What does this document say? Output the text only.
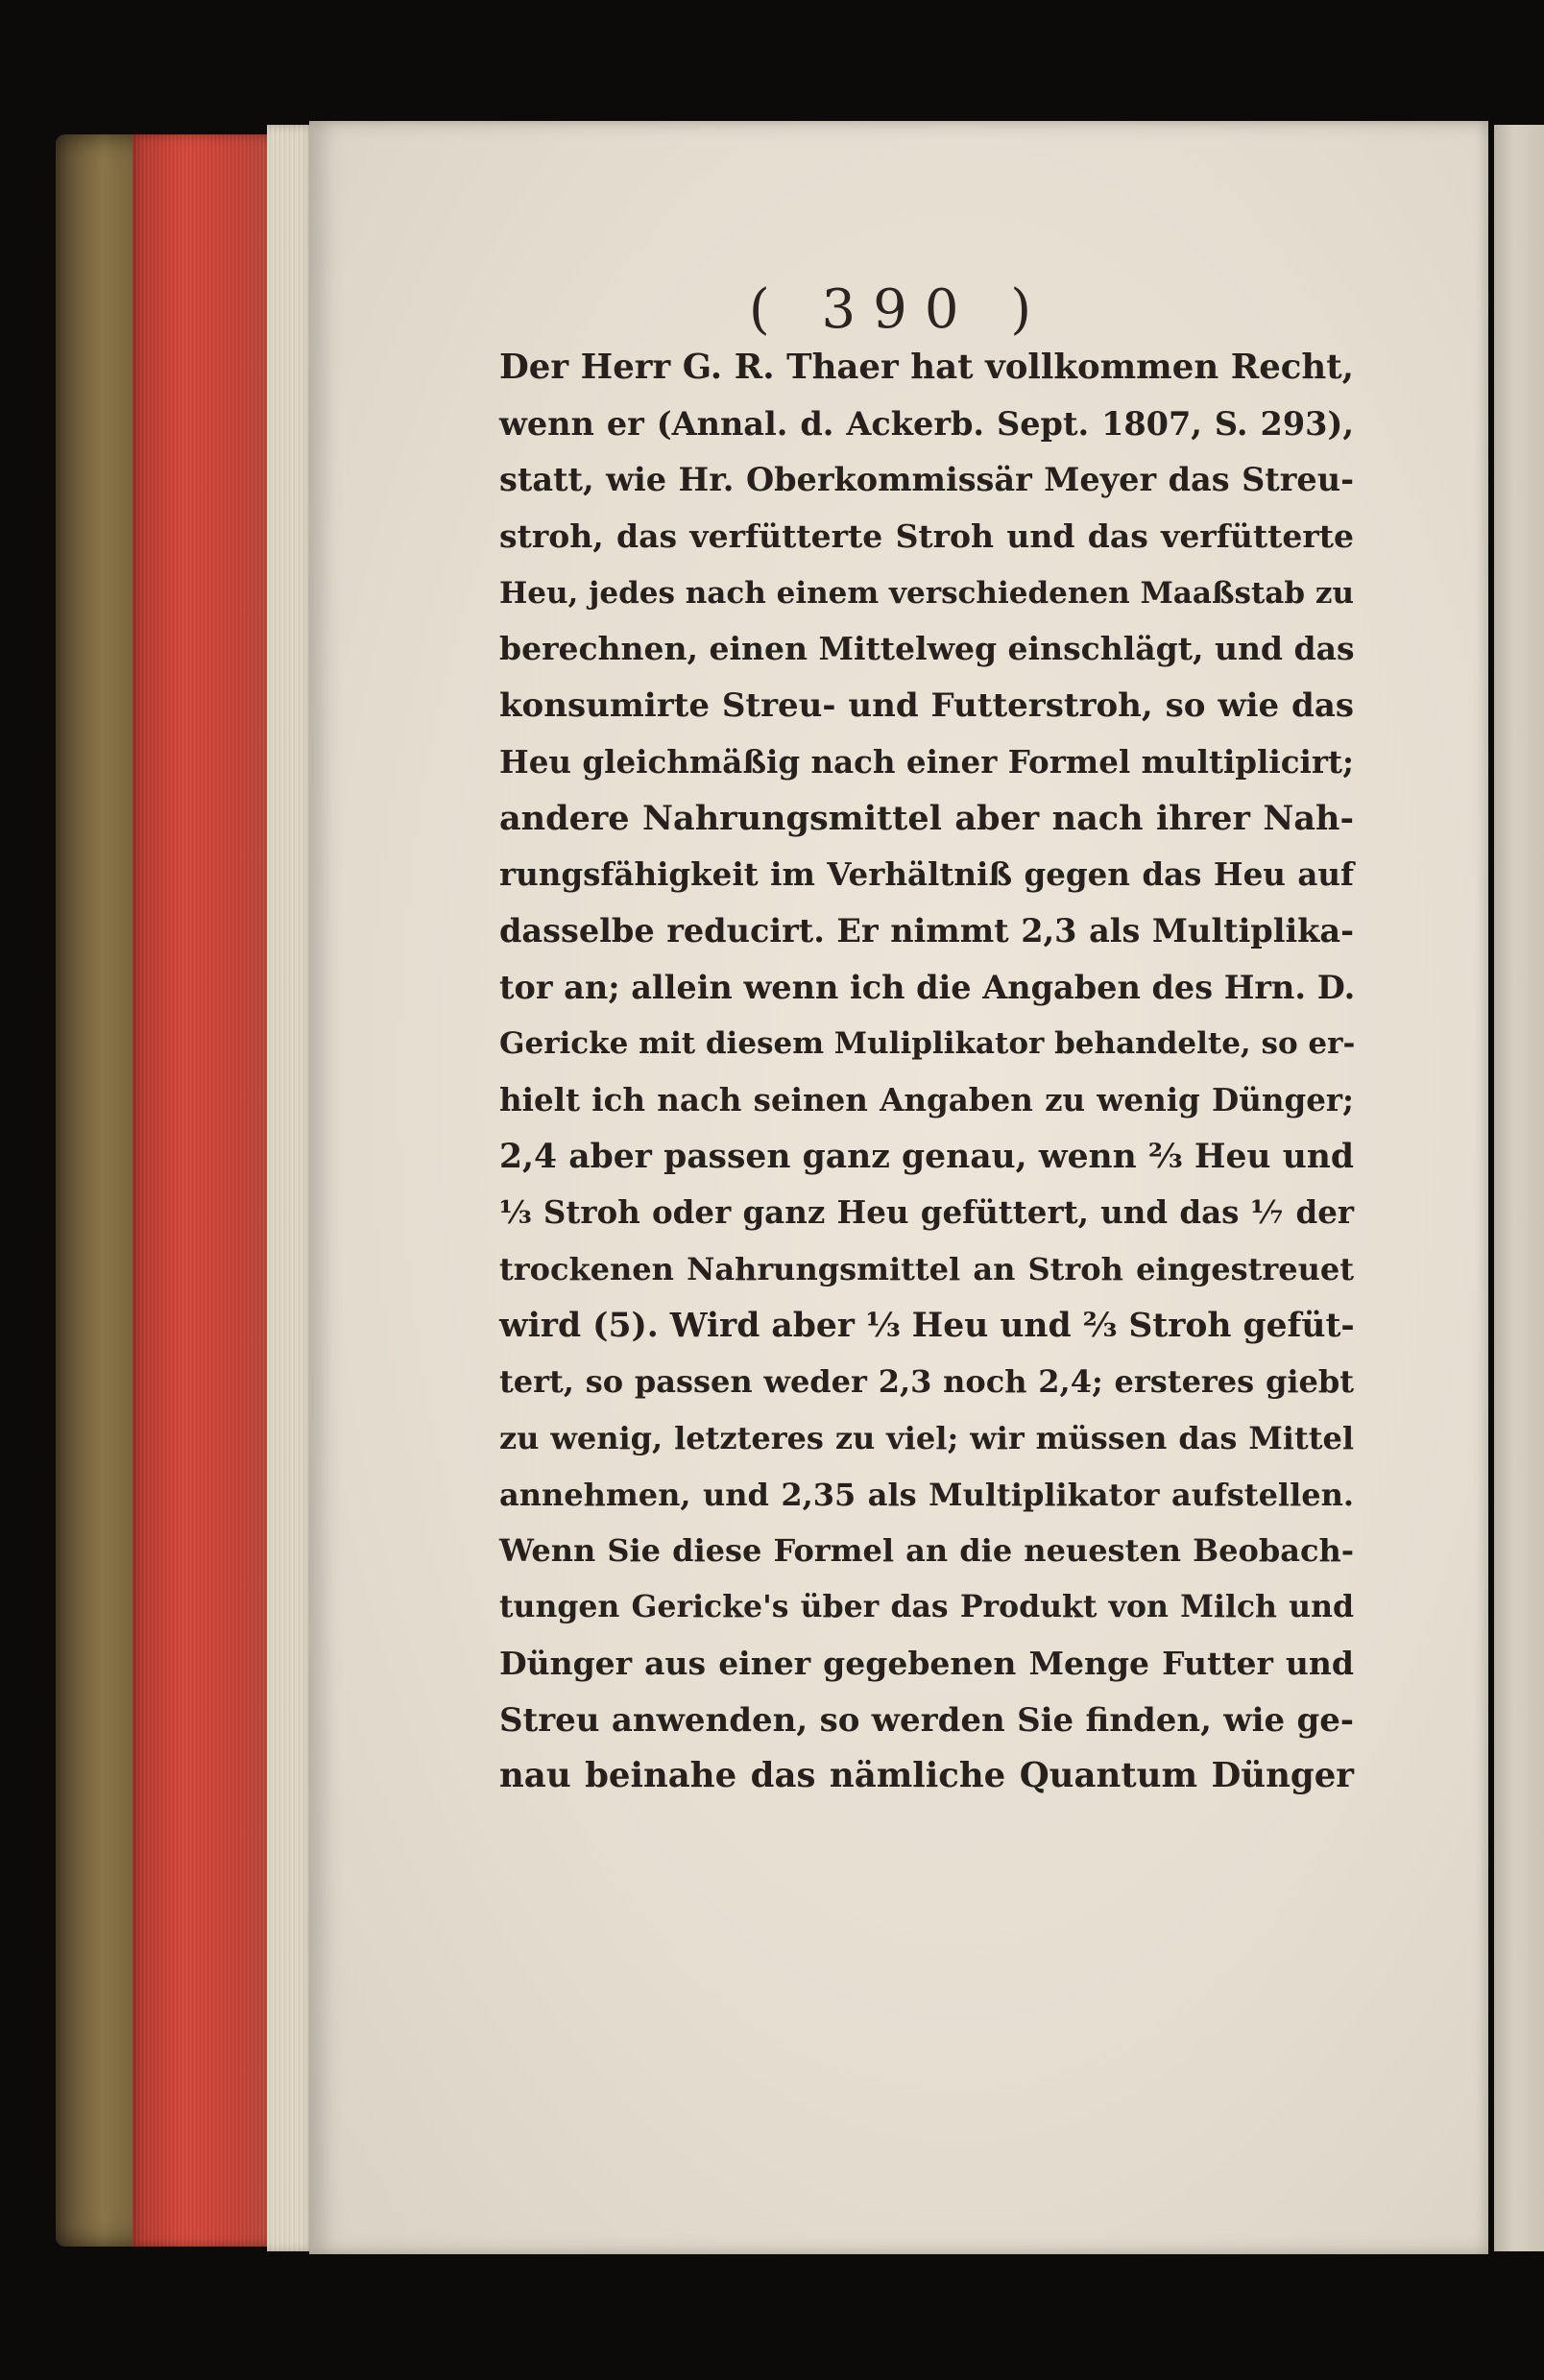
( 390 )
Der Herr G. R. Thaer hat vollkommen Recht,
wenn er (Annal. d. Ackerb. Sept. 1807, S. 293),
statt, wie Hr. Oberkommissär Meyer das Streu-
stroh, das verfütterte Stroh und das verfütterte
Heu, jedes nach einem verschiedenen Maaßstab zu
berechnen, einen Mittelweg einschlägt, und das
konsumirte Streu- und Futterstroh, so wie das
Heu gleichmäßig nach einer Formel multiplicirt;
andere Nahrungsmittel aber nach ihrer Nah-
rungsfähigkeit im Verhältniß gegen das Heu auf
dasselbe reducirt. Er nimmt 2,3 als Multiplika-
tor an; allein wenn ich die Angaben des Hrn. D.
Gericke mit diesem Muliplikator behandelte, so er-
hielt ich nach seinen Angaben zu wenig Dünger;
2,4 aber passen ganz genau, wenn ⅔ Heu und
⅓ Stroh oder ganz Heu gefüttert, und das ⅐ der
trockenen Nahrungsmittel an Stroh eingestreuet
wird (5). Wird aber ⅓ Heu und ⅔ Stroh gefüt-
tert, so passen weder 2,3 noch 2,4; ersteres giebt
zu wenig, letzteres zu viel; wir müssen das Mittel
annehmen, und 2,35 als Multiplikator aufstellen.
Wenn Sie diese Formel an die neuesten Beobach-
tungen Gericke's über das Produkt von Milch und
Dünger aus einer gegebenen Menge Futter und
Streu anwenden, so werden Sie finden, wie ge-
nau beinahe das nämliche Quantum Dünger
